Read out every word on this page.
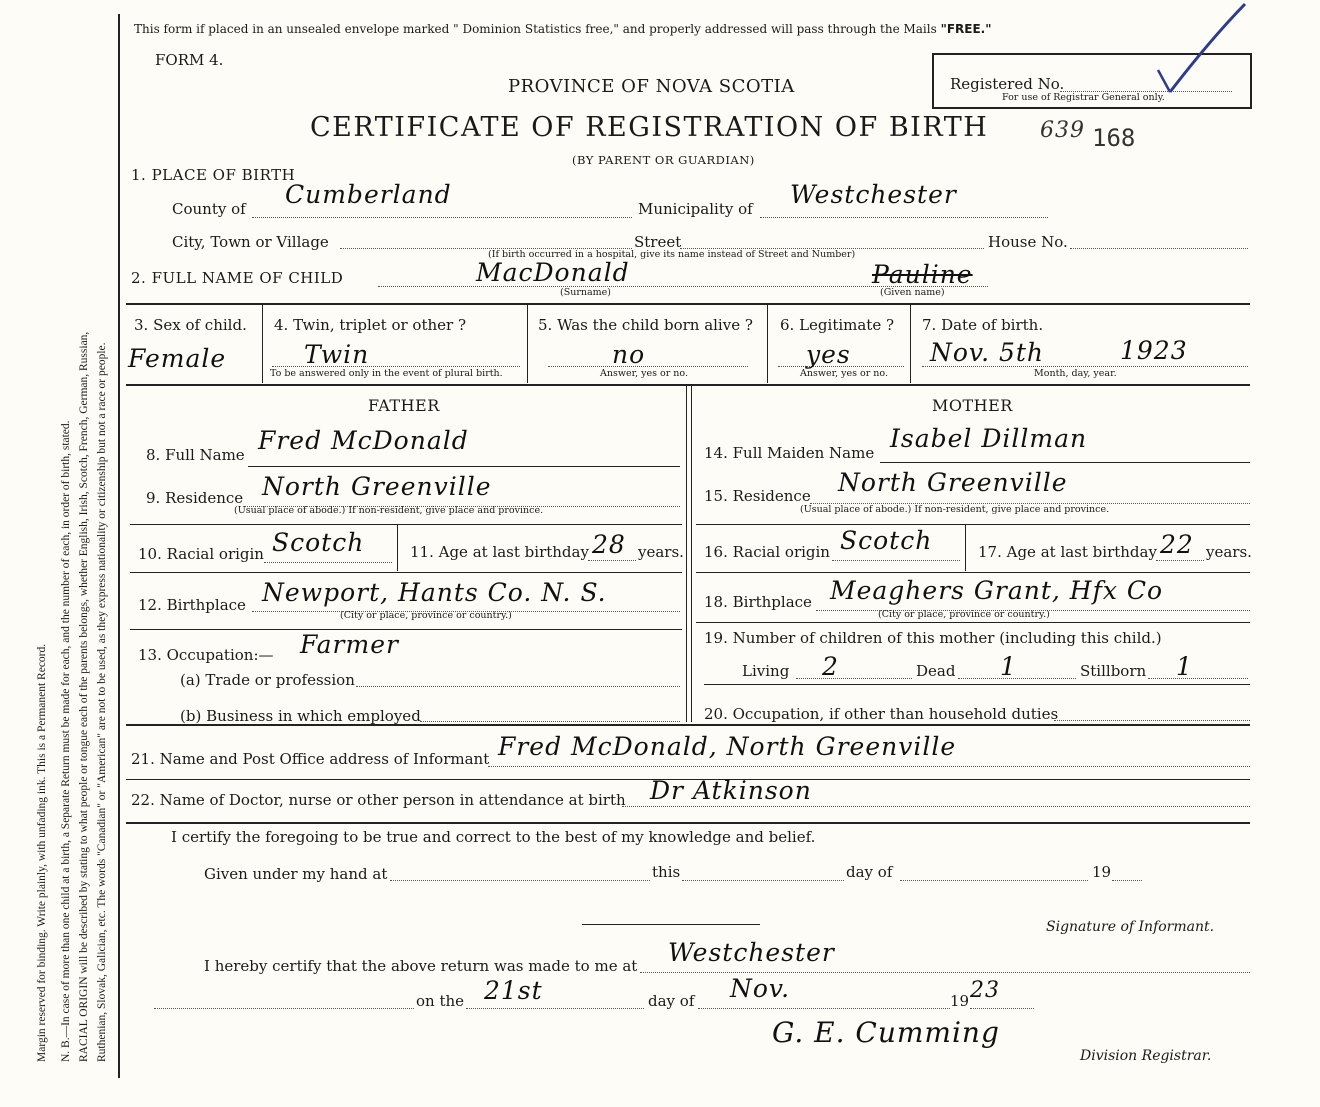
Margin reserved for binding. Write plainly, with unfading ink. This is a Permanent Record. N. B.—In case of more than one child at a birth, a Separate Return must be made for each, and the number of each, in order of birth, stated. RACIAL ORIGIN will be described by stating to what people or tongue each of the parents belongs, whether English, Irish, Scotch, French, German, Russian, Ruthenian, Slovak, Galician, etc. The words "Canadian" or "American" are not to be used, as they express nationality or citizenship but not a race or people.
This form if placed in an unsealed envelope marked " Dominion Statistics free," and properly addressed will pass through the Mails "FREE."
FORM 4.
PROVINCE OF NOVA SCOTIA
CERTIFICATE OF REGISTRATION OF BIRTH
(BY PARENT OR GUARDIAN)
Registered No.
For use of Registrar General only.
639 168
1. PLACE OF BIRTH
County of Cumberland	Municipality of Westchester
City, Town or Village	Street	House No.
(If birth occurred in a hospital, give its name instead of Street and Number)
2. FULL NAME OF CHILD	MacDonald
(Surname)
Pauline
(Given name)
3. Sex of child.
Female
4. Twin, triplet or other ?
Twin
To be answered only in the event of plural birth.
5. Was the child born alive ?
no
Answer, yes or no.
6. Legitimate ?
yes
Answer, yes or no.
7. Date of birth.
Nov. 5th	1923
Month, day, year.
FATHER	MOTHER
8. Full Name Fred McDonald
9. Residence North Greenville
(Usual place of abode.) If non-resident, give place and province.
10. Racial origin Scotch	11. Age at last birthday 28 years.
12. Birthplace Newport, Hants Co. N. S.
(City or place, province or country.)
13. Occupation:— Farmer
(a) Trade or profession
(b) Business in which employed
14. Full Maiden Name Isabel Dillman
15. Residence North Greenville
(Usual place of abode.) If non-resident, give place and province.
16. Racial origin Scotch	17. Age at last birthday 22 years.
18. Birthplace Meaghers Grant, Hfx Co
(City or place, province or country.)
19. Number of children of this mother (including this child.)
Living 2	Dead 1	Stillborn 1
20. Occupation, if other than household duties
21. Name and Post Office address of Informant Fred McDonald, North Greenville
22. Name of Doctor, nurse or other person in attendance at birth Dr Atkinson
I certify the foregoing to be true and correct to the best of my knowledge and belief.
Given under my hand at	this	day of	19
Signature of Informant.
I hereby certify that the above return was made to me at Westchester
on the 21st	day of Nov.	19 23
G. E. Cumming
Division Registrar.
